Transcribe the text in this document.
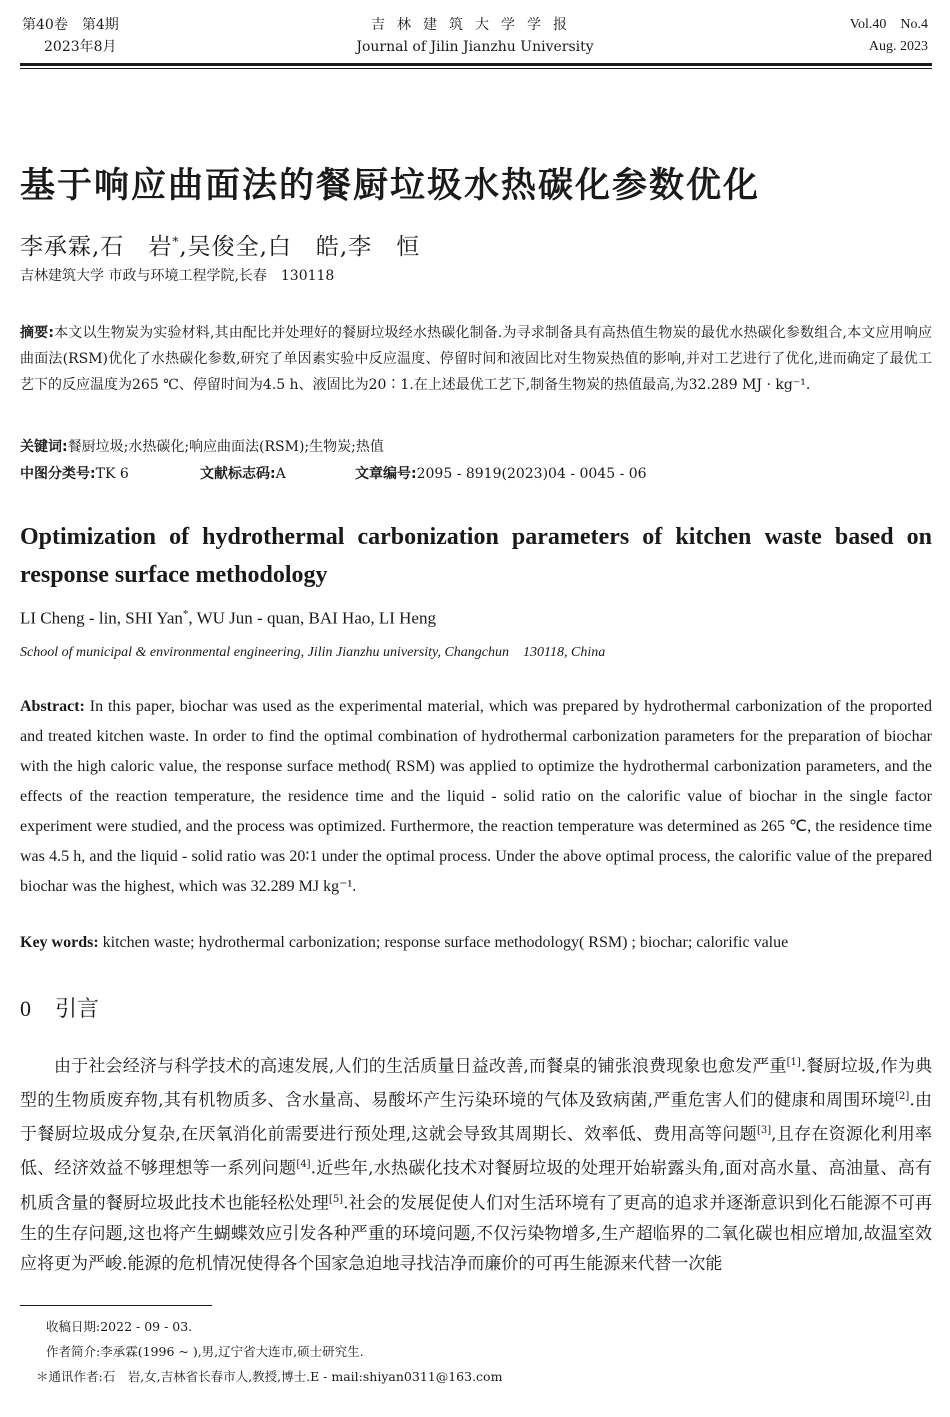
第40卷　第4期
2023年8月
吉林建筑大学学报
Journal of Jilin Jianzhu University
Vol.40　No.4
Aug. 2023
基于响应曲面法的餐厨垃圾水热碳化参数优化
李承霖,石　岩*,吴俊全,白　皓,李　恒
吉林建筑大学 市政与环境工程学院,长春　130118
摘要:本文以生物炭为实验材料,其由配比并处理好的餐厨垃圾经水热碳化制备.为寻求制备具有高热值生物炭的最优水热碳化参数组合,本文应用响应曲面法(RSM)优化了水热碳化参数,研究了单因素实验中反应温度、停留时间和液固比对生物炭热值的影响,并对工艺进行了优化,进而确定了最优工艺下的反应温度为265 ℃、停留时间为4.5 h、液固比为20∶1.在上述最优工艺下,制备生物炭的热值最高,为32.289 MJ · kg⁻¹.
关键词:餐厨垃圾;水热碳化;响应曲面法(RSM);生物炭;热值
中图分类号:TK 6	文献标志码:A	文章编号:2095 - 8919(2023)04 - 0045 - 06
Optimization of hydrothermal carbonization parameters of kitchen waste based on response surface methodology
LI Cheng - lin, SHI Yan*, WU Jun - quan, BAI Hao, LI Heng
School of municipal & environmental engineering, Jilin Jianzhu university, Changchun　130118, China
Abstract: In this paper, biochar was used as the experimental material, which was prepared by hydrothermal carbonization of the proported and treated kitchen waste. In order to find the optimal combination of hydrothermal carbonization parameters for the preparation of biochar with the high caloric value, the response surface method( RSM) was applied to optimize the hydrothermal carbonization parameters, and the effects of the reaction temperature, the residence time and the liquid - solid ratio on the calorific value of biochar in the single factor experiment were studied, and the process was optimized. Furthermore, the reaction temperature was determined as 265 ℃, the residence time was 4.5 h, and the liquid - solid ratio was 20∶1 under the optimal process. Under the above optimal process, the calorific value of the prepared biochar was the highest, which was 32.289 MJ kg⁻¹.
Key words: kitchen waste; hydrothermal carbonization; response surface methodology( RSM) ; biochar; calorific value
0 引言
由于社会经济与科学技术的高速发展,人们的生活质量日益改善,而餐桌的铺张浪费现象也愈发严重[1].餐厨垃圾,作为典型的生物质废弃物,其有机物质多、含水量高、易酸坏产生污染环境的气体及致病菌,严重危害人们的健康和周围环境[2].由于餐厨垃圾成分复杂,在厌氧消化前需要进行预处理,这就会导致其周期长、效率低、费用高等问题[3],且存在资源化利用率低、经济效益不够理想等一系列问题[4].近些年,水热碳化技术对餐厨垃圾的处理开始崭露头角,面对高水量、高油量、高有机质含量的餐厨垃圾此技术也能轻松处理[5].社会的发展促使人们对生活环境有了更高的追求并逐渐意识到化石能源不可再生的生存问题,这也将产生蝴蝶效应引发各种严重的环境问题,不仅污染物增多,生产超临界的二氧化碳也相应增加,故温室效应将更为严峻.能源的危机情况使得各个国家急迫地寻找洁净而廉价的可再生能源来代替一次能
收稿日期:2022 - 09 - 03.
作者简介:李承霖(1996 ~ ),男,辽宁省大连市,硕士研究生.
＊通讯作者:石　岩,女,吉林省长春市人,教授,博士.E - mail:shiyan0311@163.com
